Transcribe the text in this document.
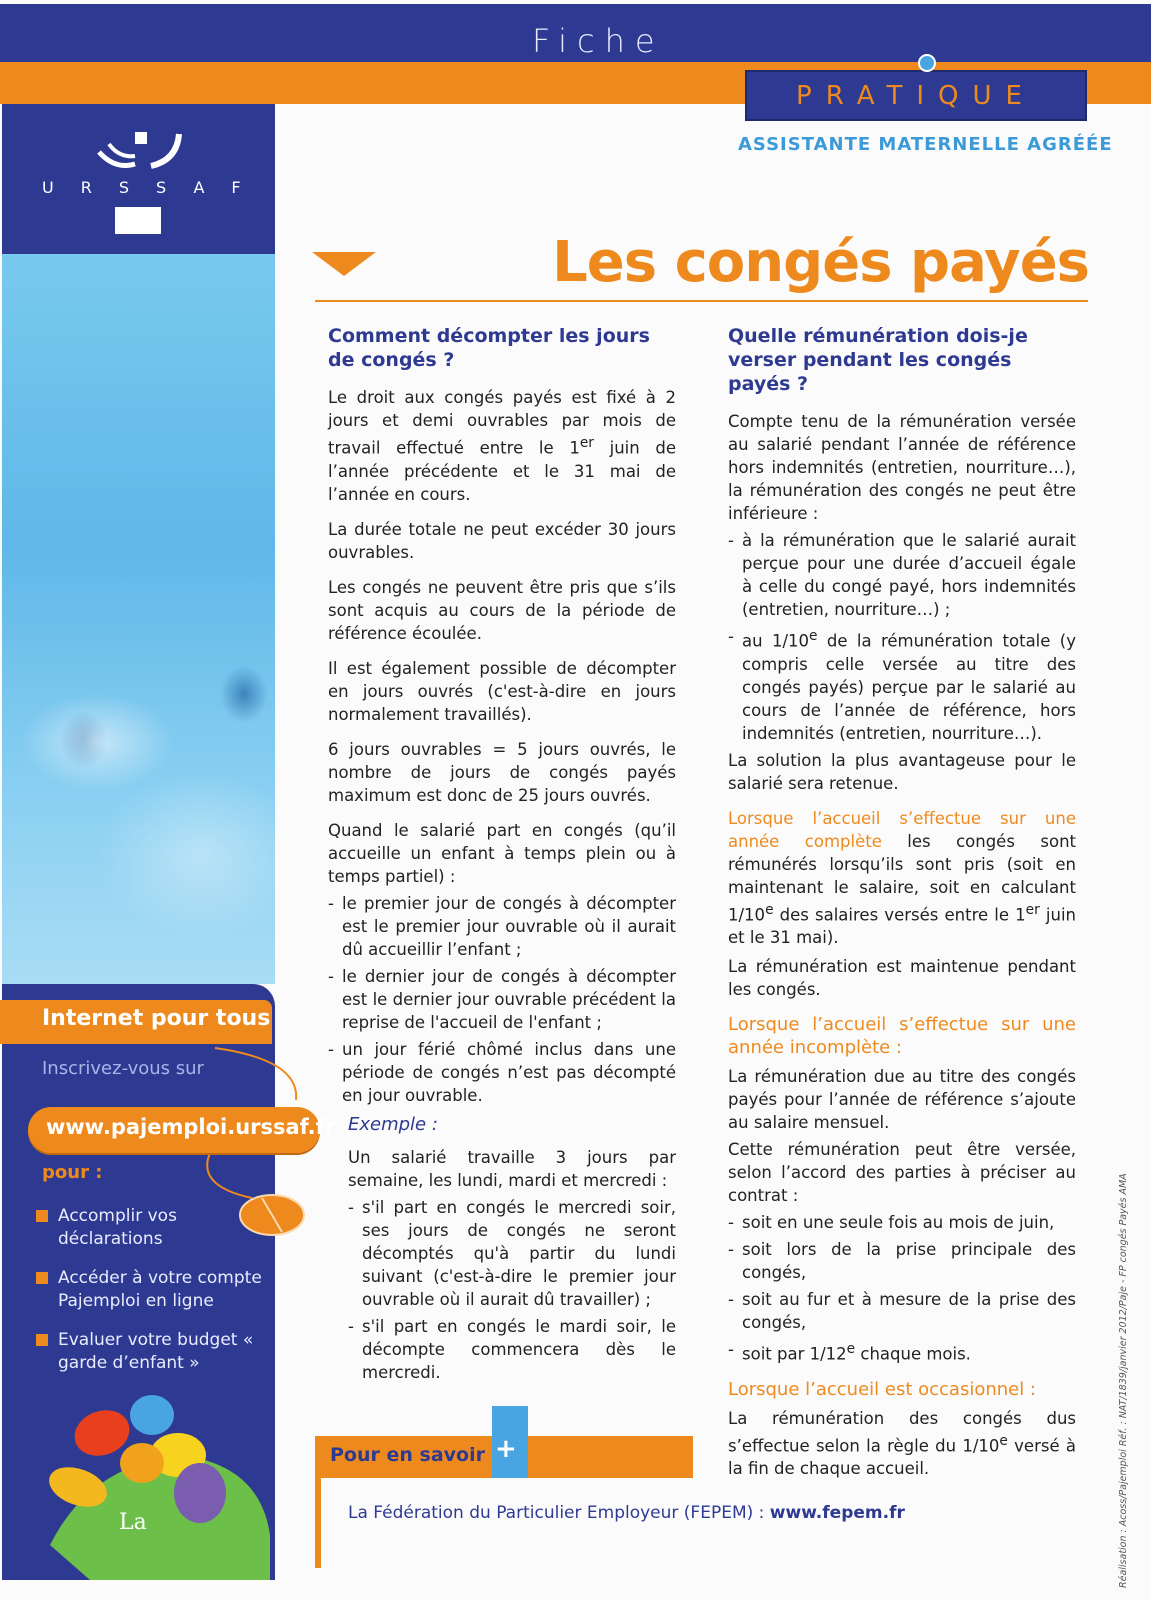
Fiche
PRATIQUE
ASSISTANTE MATERNELLE AGRÉÉE
URSSAF
Internet pour tous
Inscrivez-vous sur
www.pajemploi.urssaf.fr
pour :
Accomplir vos déclarations
Accéder à votre compte Pajemploi en ligne
Evaluer votre budget « garde d’enfant »
La
Les congés payés
Comment décompter les jours de congés ?

Le droit aux congés payés est fixé à 2 jours et demi ouvrables par mois de travail effectué entre le 1er juin de l’année précédente et le 31 mai de l’année en cours.

La durée totale ne peut excéder 30 jours ouvrables.

Les congés ne peuvent être pris que s’ils sont acquis au cours de la période de référence écoulée.

Il est également possible de décompter en jours ouvrés (c'est-à-dire en jours normalement travaillés).

6 jours ouvrables = 5 jours ouvrés, le nombre de jours de congés payés maximum est donc de 25 jours ouvrés.

Quand le salarié part en congés (qu’il accueille un enfant à temps plein ou à temps partiel) :

- le premier jour de congés à décompter est le premier jour ouvrable où il aurait dû accueillir l’enfant ;
- le dernier jour de congés à décompter est le dernier jour ouvrable précédent la reprise de l'accueil de l'enfant ;
- un jour férié chômé inclus dans une période de congés n’est pas décompté en jour ouvrable.
Exemple :

Un salarié travaille 3 jours par semaine, les lundi, mardi et mercredi :

- s'il part en congés le mercredi soir, ses jours de congés ne seront décomptés qu'à partir du lundi suivant (c'est-à-dire le premier jour ouvrable où il aurait dû travailler) ;
- s'il part en congés le mardi soir, le décompte commencera dès le mercredi.
Quelle rémunération dois-je verser pendant les congés payés ?

Compte tenu de la rémunération versée au salarié pendant l’année de référence hors indemnités (entretien, nourriture…), la rémunération des congés ne peut être inférieure :

- à la rémunération que le salarié aurait perçue pour une durée d’accueil égale à celle du congé payé, hors indemnités (entretien, nourriture…) ;
- au 1/10e de la rémunération totale (y compris celle versée au titre des congés payés) perçue par le salarié au cours de l’année de référence, hors indemnités (entretien, nourriture…).

La solution la plus avantageuse pour le salarié sera retenue.

Lorsque l’accueil s’effectue sur une année complète les congés sont rémunérés lorsqu’ils sont pris (soit en maintenant le salaire, soit en calculant 1/10e des salaires versés entre le 1er juin et le 31 mai).

La rémunération est maintenue pendant les congés.

Lorsque l’accueil s’effectue sur une année incomplète :

La rémunération due au titre des congés payés pour l’année de référence s’ajoute au salaire mensuel.

Cette rémunération peut être versée, selon l’accord des parties à préciser au contrat :

- soit en une seule fois au mois de juin,
- soit lors de la prise principale des congés,
- soit au fur et à mesure de la prise des congés,
- soit par 1/12e chaque mois.
Lorsque l’accueil est occasionnel :

La rémunération des congés dus s’effectue selon la règle du 1/10e versé à la fin de chaque accueil.

Pour en savoir +
La Fédération du Particulier Employeur (FEPEM) : www.fepem.fr	Réalisation : Acoss/Pajemploi Réf. : NAT/1839/janvier 2012/Paje - FP congés Payés AMA
